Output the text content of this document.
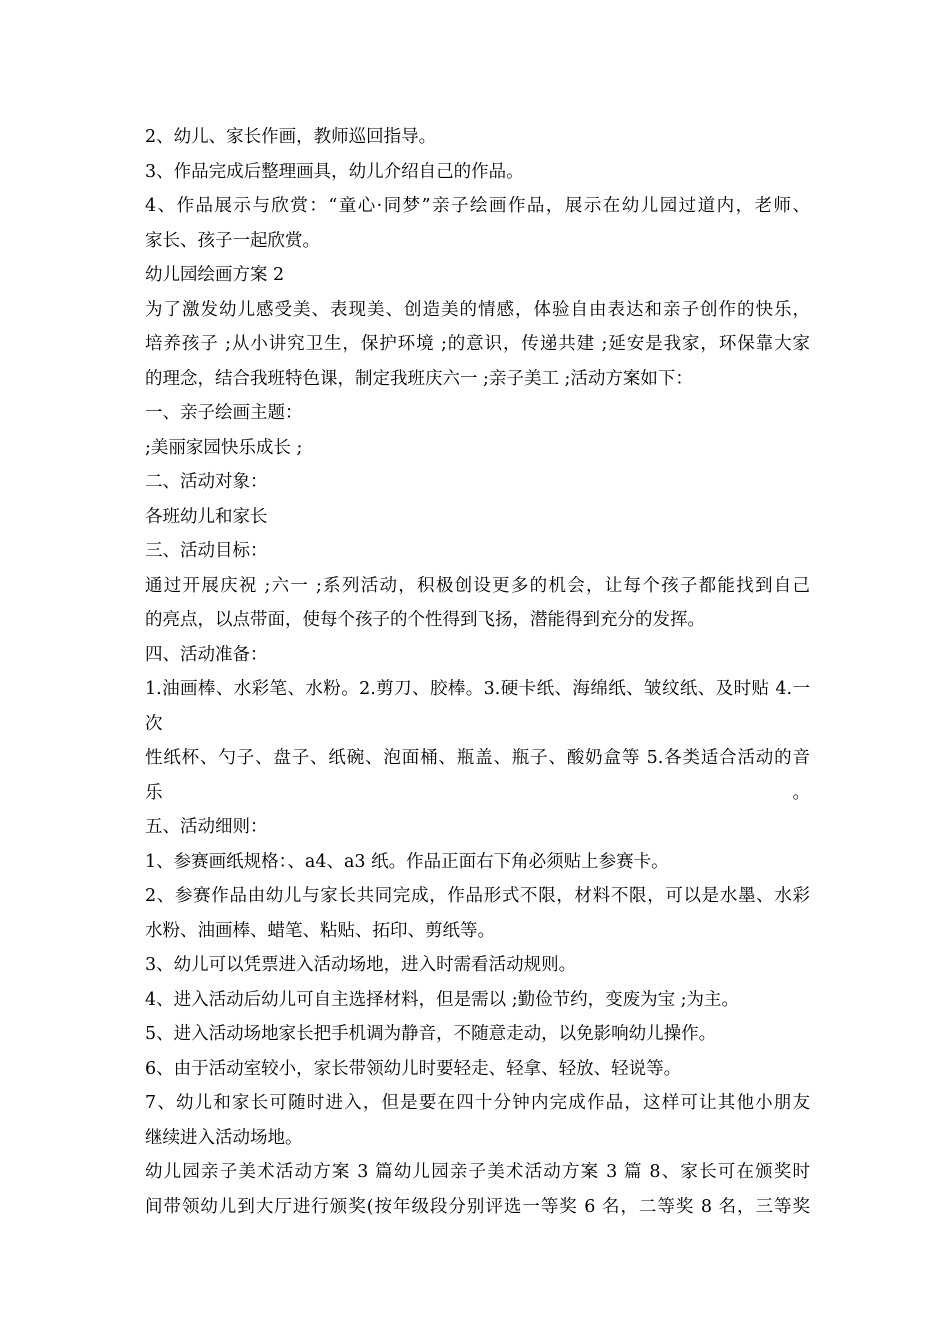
2、幼儿、家长作画，教师巡回指导。
3、作品完成后整理画具，幼儿介绍自己的作品。
4、作品展示与欣赏：“童心·同梦”亲子绘画作品，展示在幼儿园过道内，老师、
家长、孩子一起欣赏。
幼儿园绘画方案 2
为了激发幼儿感受美、表现美、创造美的情感，体验自由表达和亲子创作的快乐，
培养孩子 ;从小讲究卫生，保护环境 ;的意识，传递共建 ;延安是我家，环保靠大家
的理念，结合我班特色课，制定我班庆六一 ;亲子美工 ;活动方案如下：
一、亲子绘画主题：
;美丽家园快乐成长 ;
二、活动对象：
各班幼儿和家长
三、活动目标：
通过开展庆祝 ;六一 ;系列活动，积极创设更多的机会，让每个孩子都能找到自己
的亮点，以点带面，使每个孩子的个性得到飞扬，潜能得到充分的发挥。
四、活动准备：
1.油画棒、水彩笔、水粉。2.剪刀、胶棒。3.硬卡纸、海绵纸、皱纹纸、及时贴 4.一次
性纸杯、勺子、盘子、纸碗、泡面桶、瓶盖、瓶子、酸奶盒等 5.各类适合活动的音乐。
五、活动细则：
1、参赛画纸规格：、a4、a3 纸。作品正面右下角必须贴上参赛卡。
2、参赛作品由幼儿与家长共同完成，作品形式不限，材料不限，可以是水墨、水彩
水粉、油画棒、蜡笔、粘贴、拓印、剪纸等。
3、幼儿可以凭票进入活动场地，进入时需看活动规则。
4、进入活动后幼儿可自主选择材料，但是需以 ;勤俭节约，变废为宝 ;为主。
5、进入活动场地家长把手机调为静音，不随意走动，以免影响幼儿操作。
6、由于活动室较小，家长带领幼儿时要轻走、轻拿、轻放、轻说等。
7、幼儿和家长可随时进入，但是要在四十分钟内完成作品，这样可让其他小朋友
继续进入活动场地。
幼儿园亲子美术活动方案 3 篇幼儿园亲子美术活动方案 3 篇 8、家长可在颁奖时
间带领幼儿到大厅进行颁奖(按年级段分别评选一等奖 6 名，二等奖 8 名，三等奖
